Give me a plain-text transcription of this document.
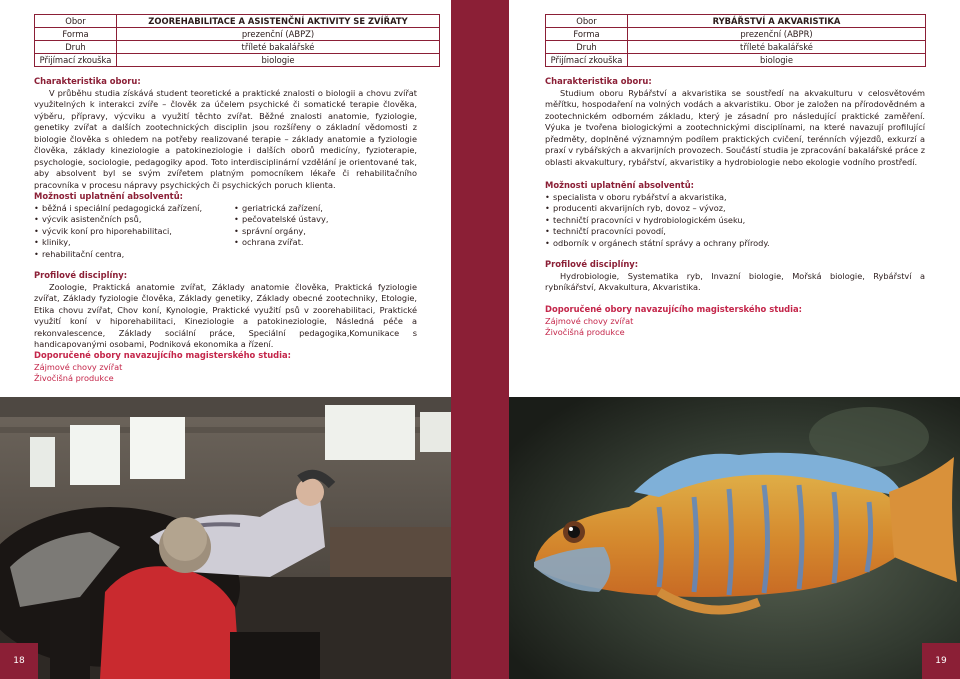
Obor	ZOOREHABILITACE A ASISTENČNÍ AKTIVITY SE ZVÍŘATY
Forma	prezenční (ABPZ)
Druh	tříleté bakalářské
Přijímací zkouška	biologie
Charakteristika oboru:

V průběhu studia získává student teoretické a praktické znalosti o biologii a chovu zvířat využitelných k interakci zvíře – člověk za účelem psychické či somatické terapie člověka, výběru, přípravy, výcviku a využití těchto zvířat. Běžné znalosti anatomie, fyziologie, genetiky zvířat a dalších zootechnických disciplin jsou rozšířeny o základní vědomosti z biologie člověka s ohledem na potřeby realizované terapie – základy anatomie a fyziologie člověka, základy kineziologie a patokineziologie i dalších oborů medicíny, fyzioterapie, psychologie, sociologie, pedagogiky apod. Toto interdisciplinární vzdělání je orientované tak, aby absolvent byl se svým zvířetem platným pomocníkem lékaře či rehabilitačního pracovníka v procesu nápravy psychických či psychických poruch klienta.

Možnosti uplatnění absolventů:
• běžná i speciální pedagogická zařízení,
• výcvik asistenčních psů,
• výcvik koní pro hiporehabilitaci,
• kliniky,
• rehabilitační centra,
• geriatrická zařízení,
• pečovatelské ústavy,
• správní orgány,
• ochrana zvířat.
Profilové disciplíny:

Zoologie, Praktická anatomie zvířat, Základy anatomie člověka, Praktická fyziologie zvířat, Základy fyziologie člověka, Základy genetiky, Základy obecné zootechniky, Etologie, Etika chovu zvířat, Chov koní, Kynologie, Praktické využití psů v zoorehabilitaci, Praktické využití koní v hiporehabilitaci, Kineziologie a patokineziologie, Následná péče a rekonvalescence, Základy sociální práce, Speciální pedagogika,Komunikace s handicapovanými osobami, Podniková ekonomika a řízení.

Doporučené obory navazujícího magisterského studia:
Zájmové chovy zvířat
Živočišná produkce
18
Obor	RYBÁŘSTVÍ A AKVARISTIKA
Forma	prezenční (ABPR)
Druh	tříleté bakalářské
Přijímací zkouška	biologie
Charakteristika oboru:

Studium oboru Rybářství a akvaristika se soustředí na akvakulturu v celosvětovém měřítku, hospodaření na volných vodách a akvaristiku. Obor je založen na přírodovědném a zootechnickém odborném základu, který je zásadní pro následující praktické zaměření. Výuka je tvořena biologickými a zootechnickými disciplínami, na které navazují profilující předměty, doplněné významným podílem praktických cvičení, terénních výjezdů, exkurzí a praxí v rybářských a akvarijních provozech. Součástí studia je zpracování bakalářské práce z oblasti akvakultury, rybářství, akvaristiky a hydrobiologie nebo ekologie vodního prostředí.

Možnosti uplatnění absolventů:
• specialista v oboru rybářství a akvaristika,
• producenti akvarijních ryb, dovoz – vývoz,
• techničtí pracovníci v hydrobiologickém úseku,
• techničtí pracovníci povodí,
• odborník v orgánech státní správy a ochrany přírody.
Profilové disciplíny:

Hydrobiologie, Systematika ryb, Invazní biologie, Mořská biologie, Rybářství a rybníkářství, Akvakultura, Akvaristika.

Doporučené obory navazujícího magisterského studia:
Zájmové chovy zvířat
Živočišná produkce
19
